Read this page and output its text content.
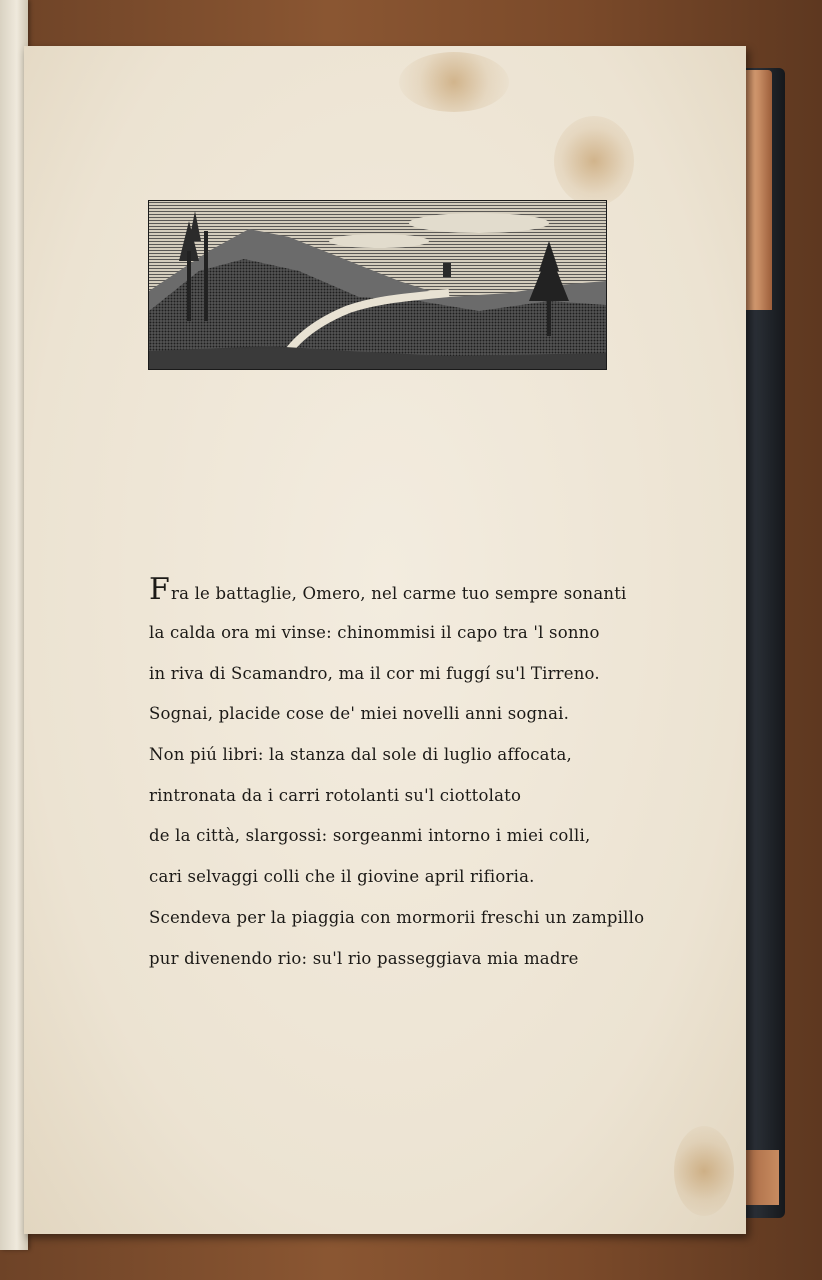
Fra le battaglie, Omero, nel carme tuo sempre sonanti
la calda ora mi vinse: chinommisi il capo tra 'l sonno
in riva di Scamandro, ma il cor mi fuggí su'l Tirreno.
Sognai, placide cose de' miei novelli anni sognai.
Non piú libri: la stanza dal sole di luglio affocata,
rintronata da i carri rotolanti su'l ciottolato
de la città, slargossi: sorgeanmi intorno i miei colli,
cari selvaggi colli che il giovine april rifioria.
Scendeva per la piaggia con mormorii freschi un zampillo
pur divenendo rio: su'l rio passeggiava mia madre
